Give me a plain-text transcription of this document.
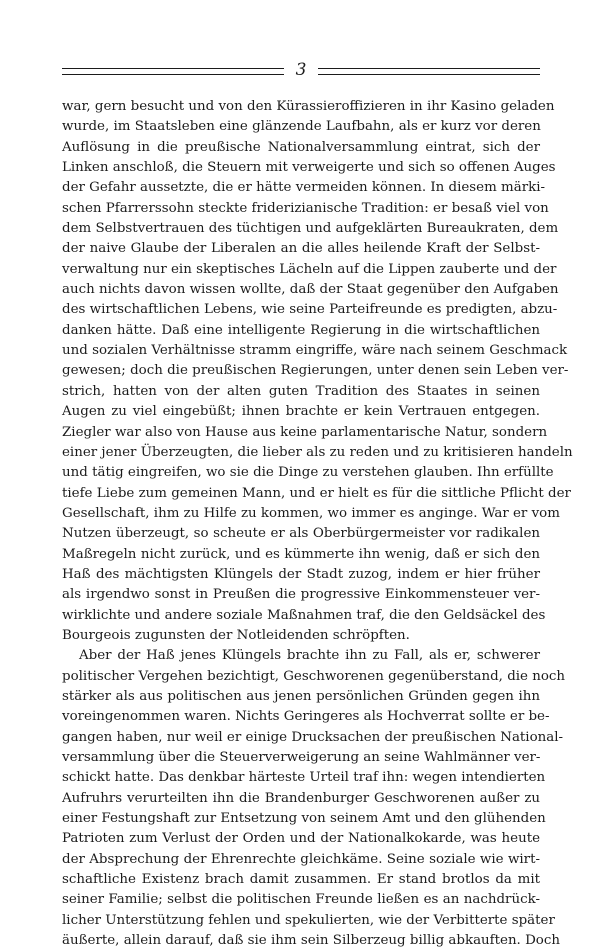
3
war, gern besucht und von den Kürassieroffizieren in ihr Kasino geladen
wurde, im Staatsleben eine glänzende Laufbahn, als er kurz vor deren
Auflösung in die preußische Nationalversammlung eintrat, sich der
Linken anschloß, die Steuern mit verweigerte und sich so offenen Auges
der Gefahr aussetzte, die er hätte vermeiden können. In diesem märki-
schen Pfarrerssohn steckte friderizianische Tradition: er besaß viel von
dem Selbstvertrauen des tüchtigen und aufgeklärten Bureaukraten, dem
der naive Glaube der Liberalen an die alles heilende Kraft der Selbst-
verwaltung nur ein skeptisches Lächeln auf die Lippen zauberte und der
auch nichts davon wissen wollte, daß der Staat gegenüber den Aufgaben
des wirtschaftlichen Lebens, wie seine Parteifreunde es predigten, abzu-
danken hätte. Daß eine intelligente Regierung in die wirtschaftlichen
und sozialen Verhältnisse stramm eingriffe, wäre nach seinem Geschmack
gewesen; doch die preußischen Regierungen, unter denen sein Leben ver-
strich, hatten von der alten guten Tradition des Staates in seinen
Augen zu viel eingebüßt; ihnen brachte er kein Vertrauen entgegen.
Ziegler war also von Hause aus keine parlamentarische Natur, sondern
einer jener Überzeugten, die lieber als zu reden und zu kritisieren handeln
und tätig eingreifen, wo sie die Dinge zu verstehen glauben. Ihn erfüllte
tiefe Liebe zum gemeinen Mann, und er hielt es für die sittliche Pflicht der
Gesellschaft, ihm zu Hilfe zu kommen, wo immer es anginge. War er vom
Nutzen überzeugt, so scheute er als Oberbürgermeister vor radikalen
Maßregeln nicht zurück, und es kümmerte ihn wenig, daß er sich den
Haß des mächtigsten Klüngels der Stadt zuzog, indem er hier früher
als irgendwo sonst in Preußen die progressive Einkommensteuer ver-
wirklichte und andere soziale Maßnahmen traf, die den Geldsäckel des
Bourgeois zugunsten der Notleidenden schröpften.
Aber der Haß jenes Klüngels brachte ihn zu Fall, als er, schwerer
politischer Vergehen bezichtigt, Geschworenen gegenüberstand, die noch
stärker als aus politischen aus jenen persönlichen Gründen gegen ihn
voreingenommen waren. Nichts Geringeres als Hochverrat sollte er be-
gangen haben, nur weil er einige Drucksachen der preußischen National-
versammlung über die Steuerverweigerung an seine Wahlmänner ver-
schickt hatte. Das denkbar härteste Urteil traf ihn: wegen intendierten
Aufruhrs verurteilten ihn die Brandenburger Geschworenen außer zu
einer Festungshaft zur Entsetzung von seinem Amt und den glühenden
Patrioten zum Verlust der Orden und der Nationalkokarde, was heute
der Absprechung der Ehrenrechte gleichkäme. Seine soziale wie wirt-
schaftliche Existenz brach damit zusammen. Er stand brotlos da mit
seiner Familie; selbst die politischen Freunde ließen es an nachdrück-
licher Unterstützung fehlen und spekulierten, wie der Verbitterte später
äußerte, allein darauf, daß sie ihm sein Silberzeug billig abkauften. Doch
